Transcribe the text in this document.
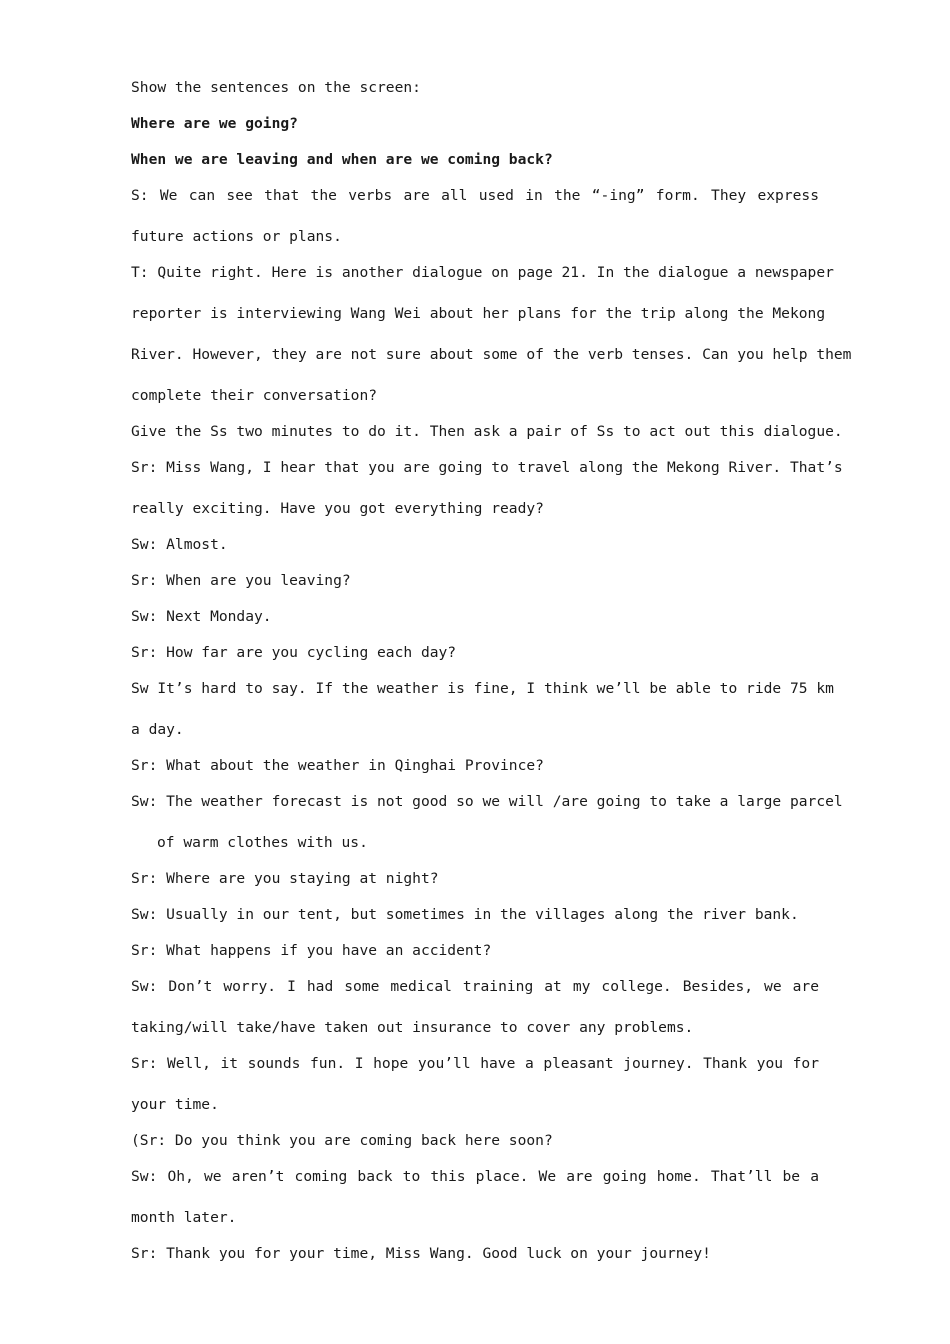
Show the sentences on the screen:
Where are we going?
When we are leaving and when are we coming back?
S: We can see that the verbs are all used in the “-ing” form. They express
future actions or plans.
T: Quite right. Here is another dialogue on page 21. In the dialogue a newspaper
reporter is interviewing Wang Wei about her plans for the trip along the Mekong
River. However, they are not sure about some of the verb tenses. Can you help them
complete their conversation?
Give the Ss two minutes to do it. Then ask a pair of Ss to act out this dialogue.
Sr: Miss Wang, I hear that you are going to travel along the Mekong River. That’s
really exciting. Have you got everything ready?
Sw: Almost.
Sr: When are you leaving?
Sw: Next Monday.
Sr: How far are you cycling each day?
Sw It’s hard to say. If the weather is fine, I think we’ll be able to ride 75 km
a day.
Sr: What about the weather in Qinghai Province?
Sw: The weather forecast is not good so we will /are going to take a large parcel
of warm clothes with us.
Sr: Where are you staying at night?
Sw: Usually in our tent, but sometimes in the villages along the river bank.
Sr: What happens if you have an accident?
Sw: Don’t worry. I had some medical training at my college. Besides, we are
taking/will take/have taken out insurance to cover any problems.
Sr: Well, it sounds fun. I hope you’ll have a pleasant journey. Thank you for
your time.
(Sr: Do you think you are coming back here soon?
Sw: Oh, we aren’t coming back to this place. We are going home. That’ll be a
month later.
Sr: Thank you for your time, Miss Wang. Good luck on your journey!
